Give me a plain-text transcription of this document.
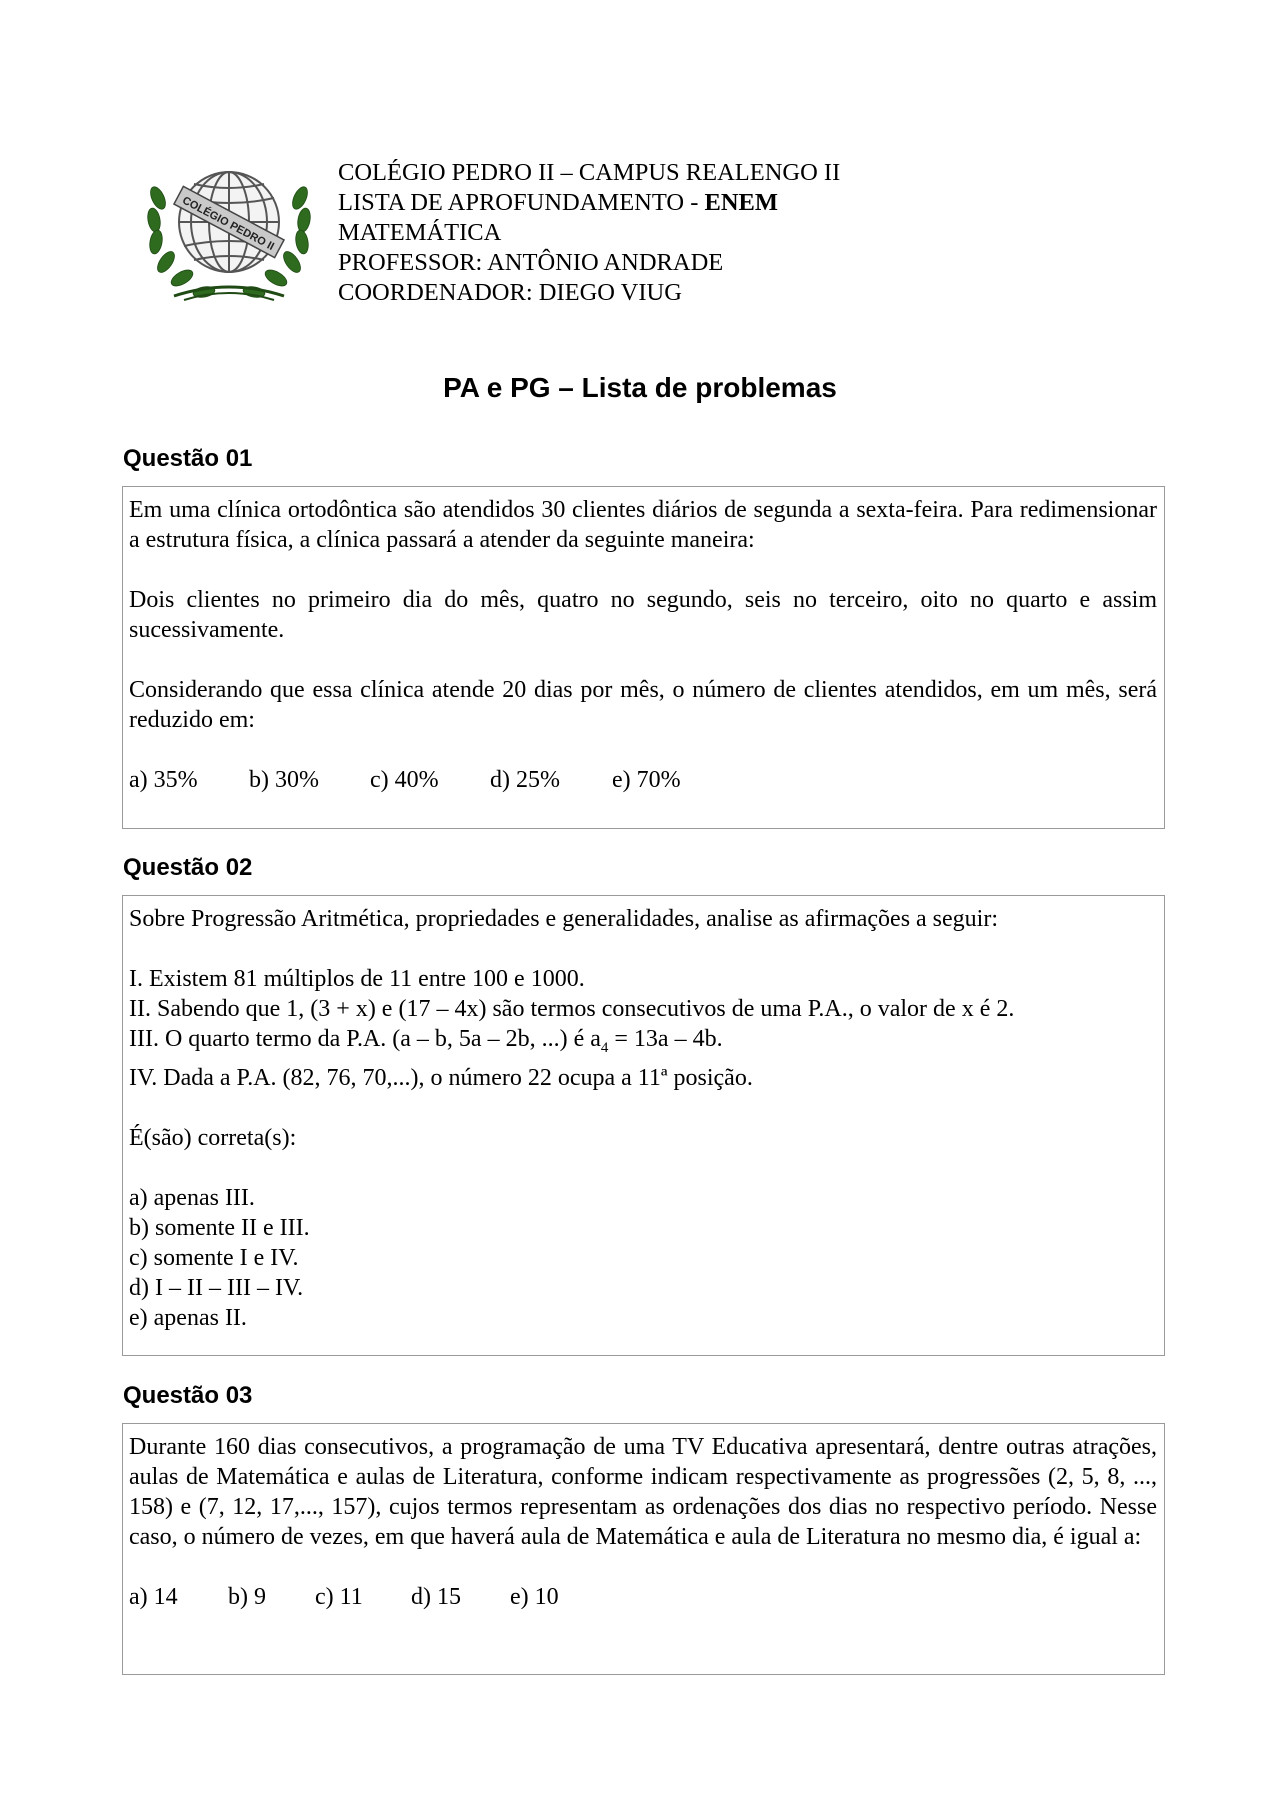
COLÉGIO PEDRO II
COLÉGIO PEDRO II – CAMPUS REALENGO II
LISTA DE APROFUNDAMENTO - ENEM
MATEMÁTICA
PROFESSOR: ANTÔNIO ANDRADE
COORDENADOR: DIEGO VIUG
PA e PG – Lista de problemas
Questão 01

Em uma clínica ortodôntica são atendidos 30 clientes diários de segunda a sexta-feira. Para redimensionar a estrutura física, a clínica passará a atender da seguinte maneira:

Dois clientes no primeiro dia do mês, quatro no segundo, seis no terceiro, oito no quarto e assim sucessivamente.

Considerando que essa clínica atende 20 dias por mês, o número de clientes atendidos, em um mês, será reduzido em:

a) 35%	b) 30%	c) 40%	d) 25%	e) 70%
Questão 02

Sobre Progressão Aritmética, propriedades e generalidades, analise as afirmações a seguir:

I. Existem 81 múltiplos de 11 entre 100 e 1000.
II. Sabendo que 1, (3 + x) e (17 – 4x) são termos consecutivos de uma P.A., o valor de x é 2.
III. O quarto termo da P.A. (a – b, 5a – 2b, ...) é $a_4 = 13a - 4b$.
IV. Dada a P.A. (82, 76, 70,...), o número 22 ocupa a 11ª posição.

É(são) correta(s):

a) apenas III.
b) somente II e III.
c) somente I e IV.
d) I – II – III – IV.
e) apenas II.
Questão 03

Durante 160 dias consecutivos, a programação de uma TV Educativa apresentará, dentre outras atrações, aulas de Matemática e aulas de Literatura, conforme indicam respectivamente as progressões (2, 5, 8, ..., 158) e (7, 12, 17,..., 157), cujos termos representam as ordenações dos dias no respectivo período. Nesse caso, o número de vezes, em que haverá aula de Matemática e aula de Literatura no mesmo dia, é igual a:

a) 14	b) 9	c) 11	d) 15	e) 10
